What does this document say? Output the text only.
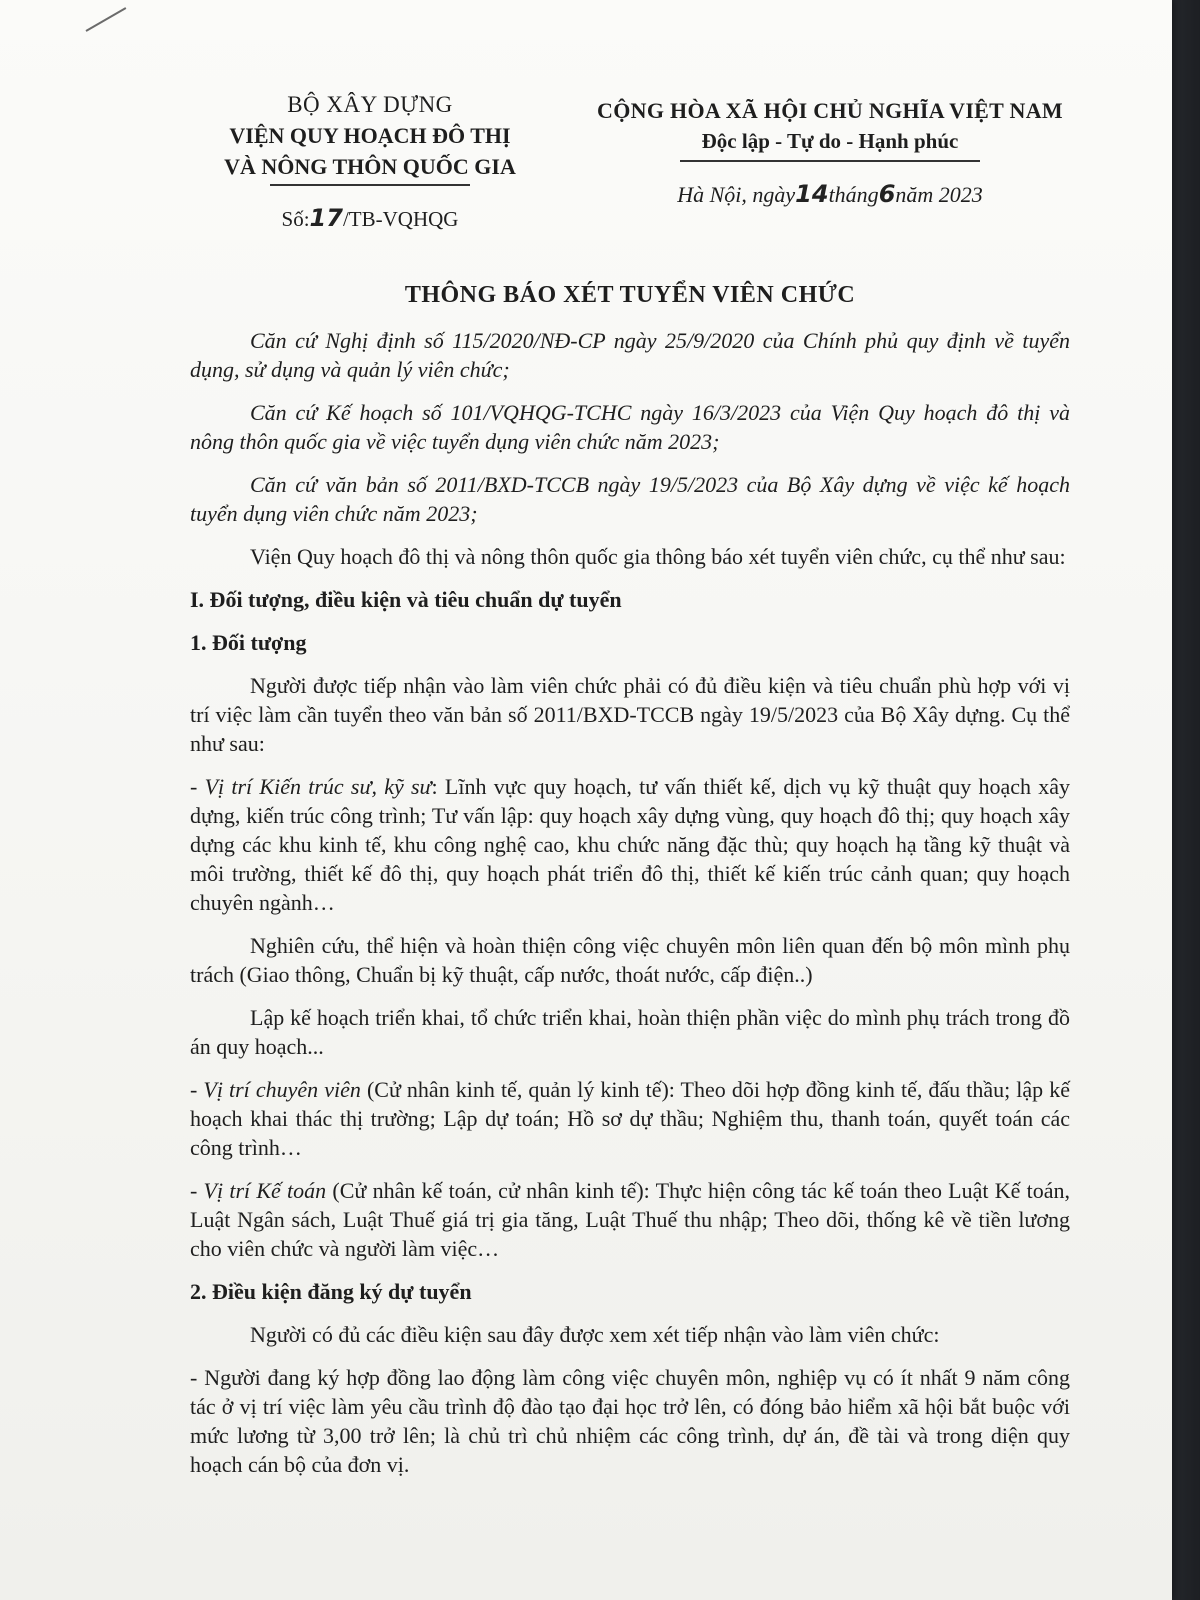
BỘ XÂY DỰNG
VIỆN QUY HOẠCH ĐÔ THỊ
VÀ NÔNG THÔN QUỐC GIA
Số:17/TB-VQHQG
CỘNG HÒA XÃ HỘI CHỦ NGHĨA VIỆT NAM
Độc lập - Tự do - Hạnh phúc
Hà Nội, ngày14tháng6năm 2023
THÔNG BÁO XÉT TUYỂN VIÊN CHỨC

Căn cứ Nghị định số 115/2020/NĐ-CP ngày 25/9/2020 của Chính phủ quy định về tuyển dụng, sử dụng và quản lý viên chức;

Căn cứ Kế hoạch số 101/VQHQG-TCHC ngày 16/3/2023 của Viện Quy hoạch đô thị và nông thôn quốc gia về việc tuyển dụng viên chức năm 2023;

Căn cứ văn bản số 2011/BXD-TCCB ngày 19/5/2023 của Bộ Xây dựng về việc kế hoạch tuyển dụng viên chức năm 2023;

Viện Quy hoạch đô thị và nông thôn quốc gia thông báo xét tuyển viên chức, cụ thể như sau:

I. Đối tượng, điều kiện và tiêu chuẩn dự tuyển
1. Đối tượng

Người được tiếp nhận vào làm viên chức phải có đủ điều kiện và tiêu chuẩn phù hợp với vị trí việc làm cần tuyển theo văn bản số 2011/BXD-TCCB ngày 19/5/2023 của Bộ Xây dựng. Cụ thể như sau:

- Vị trí Kiến trúc sư, kỹ sư: Lĩnh vực quy hoạch, tư vấn thiết kế, dịch vụ kỹ thuật quy hoạch xây dựng, kiến trúc công trình; Tư vấn lập: quy hoạch xây dựng vùng, quy hoạch đô thị; quy hoạch xây dựng các khu kinh tế, khu công nghệ cao, khu chức năng đặc thù; quy hoạch hạ tầng kỹ thuật và môi trường, thiết kế đô thị, quy hoạch phát triển đô thị, thiết kế kiến trúc cảnh quan; quy hoạch chuyên ngành…

Nghiên cứu, thể hiện và hoàn thiện công việc chuyên môn liên quan đến bộ môn mình phụ trách (Giao thông, Chuẩn bị kỹ thuật, cấp nước, thoát nước, cấp điện..)

Lập kế hoạch triển khai, tổ chức triển khai, hoàn thiện phần việc do mình phụ trách trong đồ án quy hoạch...

- Vị trí chuyên viên (Cử nhân kinh tế, quản lý kinh tế): Theo dõi hợp đồng kinh tế, đấu thầu; lập kế hoạch khai thác thị trường; Lập dự toán; Hồ sơ dự thầu; Nghiệm thu, thanh toán, quyết toán các công trình…

- Vị trí Kế toán (Cử nhân kế toán, cử nhân kinh tế): Thực hiện công tác kế toán theo Luật Kế toán, Luật Ngân sách, Luật Thuế giá trị gia tăng, Luật Thuế thu nhập; Theo dõi, thống kê về tiền lương cho viên chức và người làm việc…

2. Điều kiện đăng ký dự tuyển

Người có đủ các điều kiện sau đây được xem xét tiếp nhận vào làm viên chức:

- Người đang ký hợp đồng lao động làm công việc chuyên môn, nghiệp vụ có ít nhất 9 năm công tác ở vị trí việc làm yêu cầu trình độ đào tạo đại học trở lên, có đóng bảo hiểm xã hội bắt buộc với mức lương từ 3,00 trở lên; là chủ trì chủ nhiệm các công trình, dự án, đề tài và trong diện quy hoạch cán bộ của đơn vị.
